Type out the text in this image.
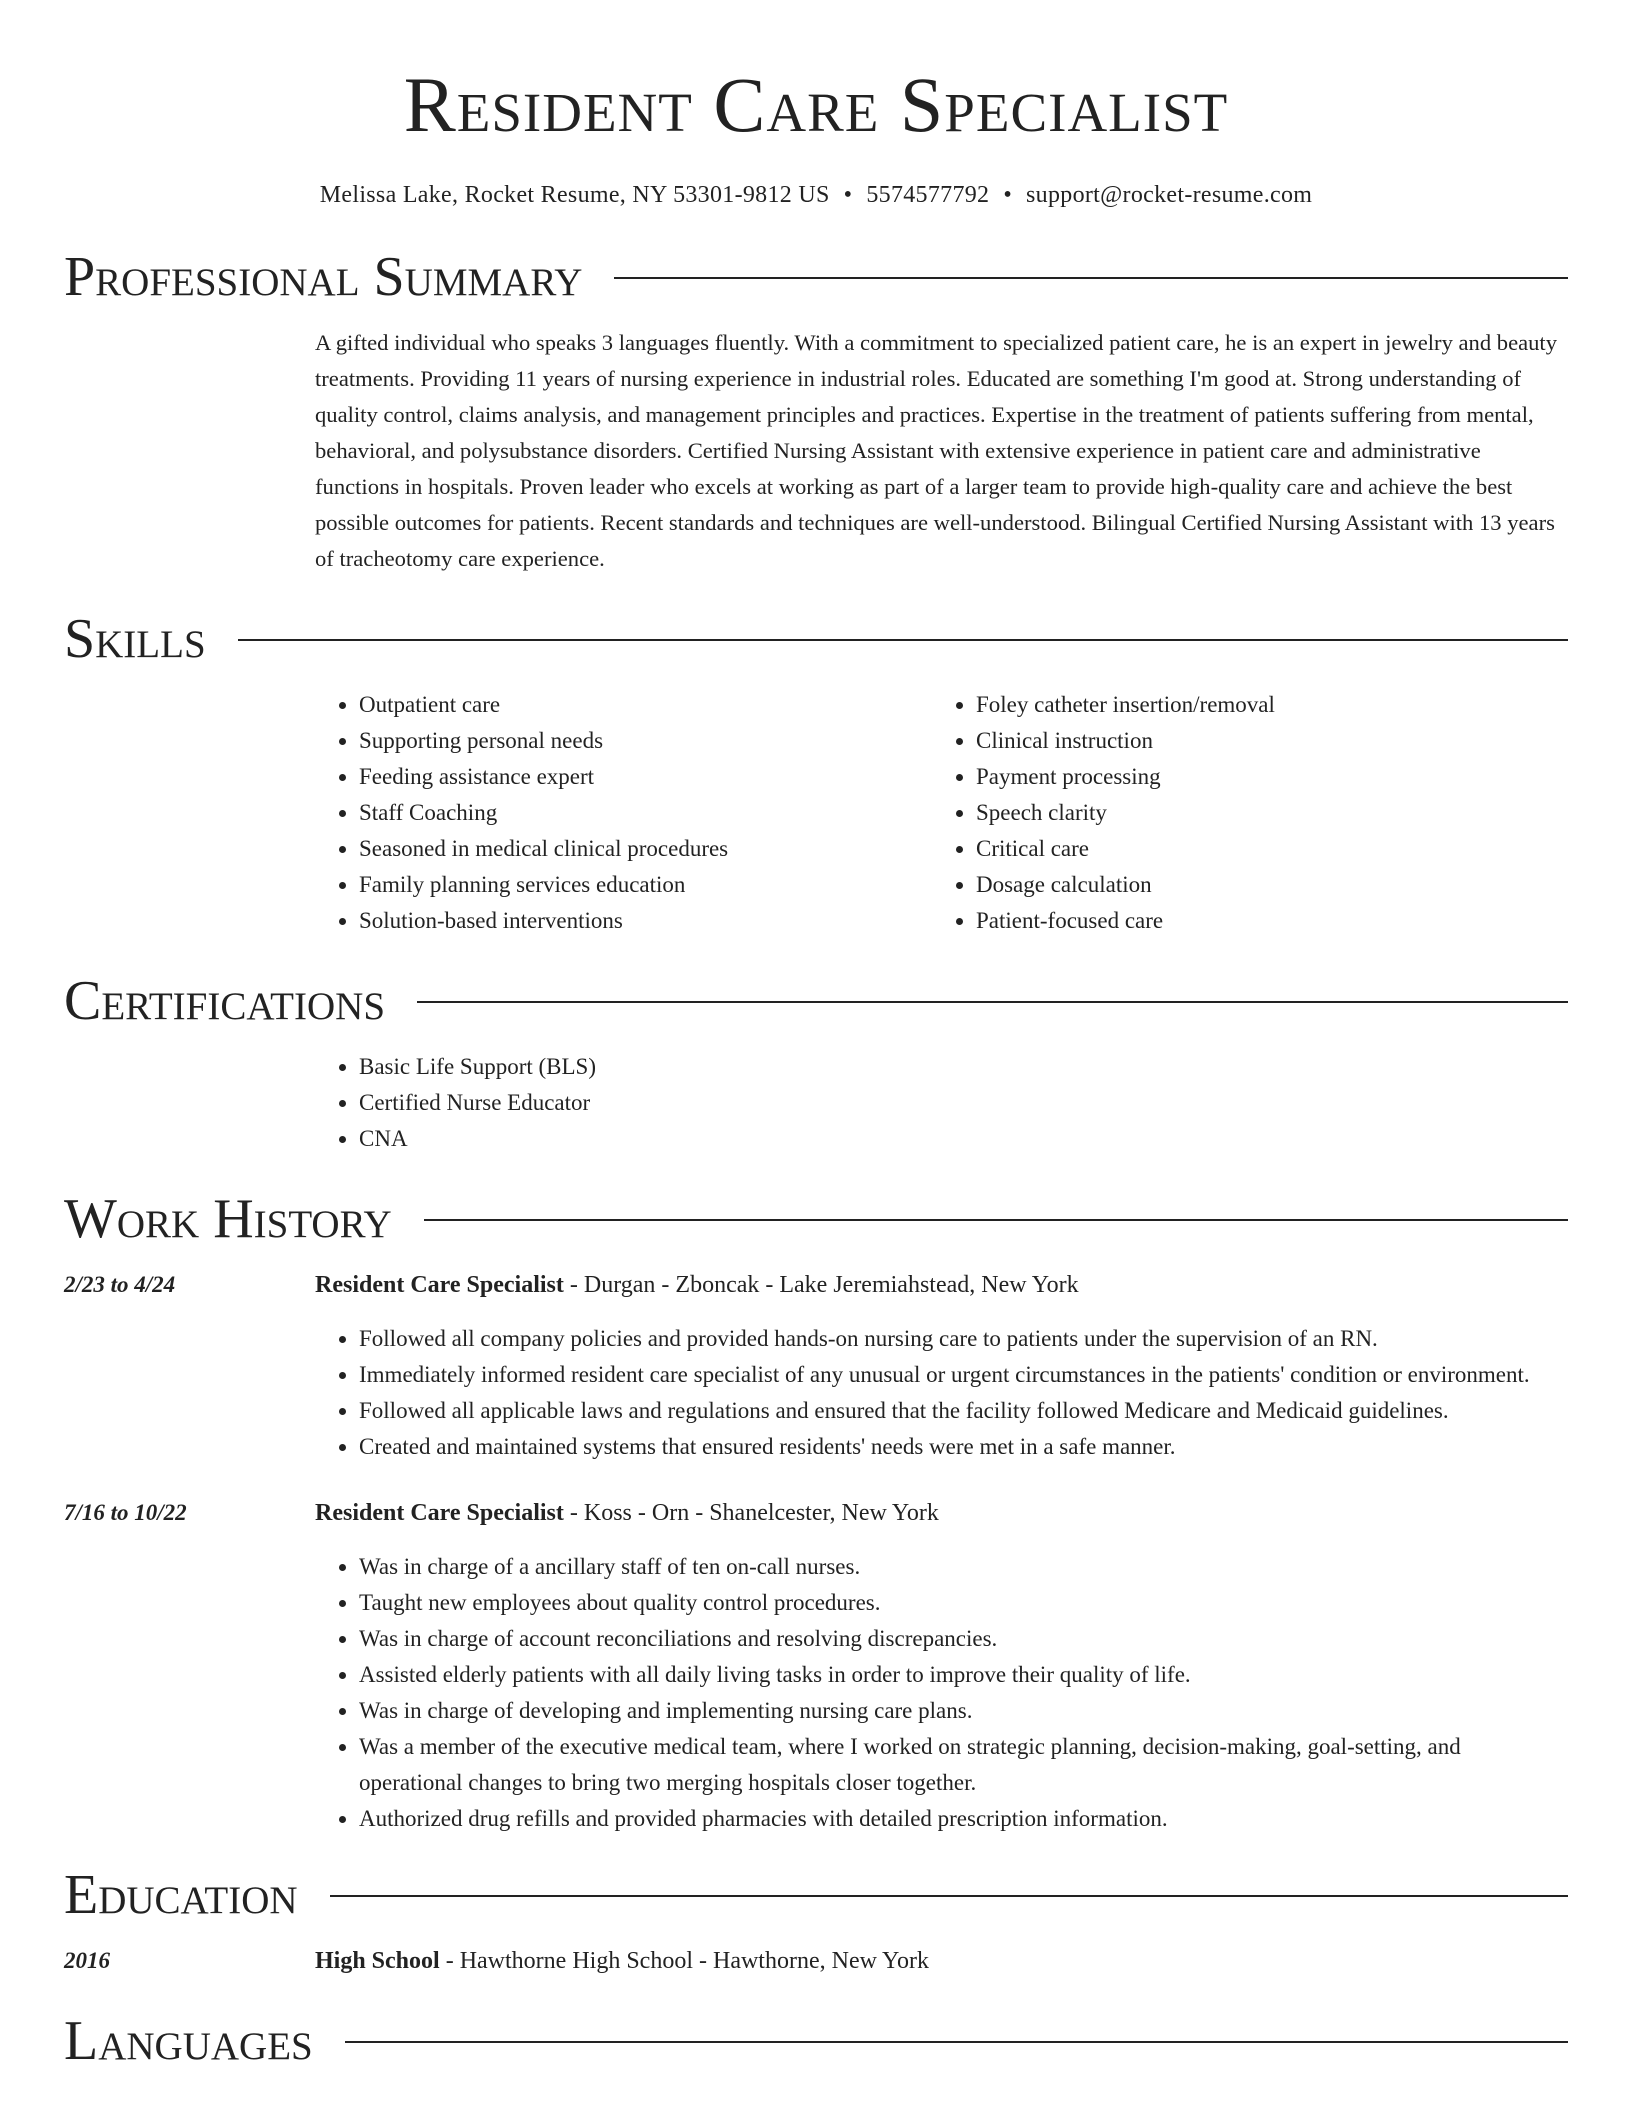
Resident Care Specialist
Melissa Lake, Rocket Resume, NY 53301-9812 US • 5574577792 • support@rocket-resume.com
Professional Summary
A gifted individual who speaks 3 languages fluently. With a commitment to specialized patient care, he is an expert in jewelry and beauty treatments. Providing 11 years of nursing experience in industrial roles. Educated are something I'm good at. Strong understanding of quality control, claims analysis, and management principles and practices. Expertise in the treatment of patients suffering from mental, behavioral, and polysubstance disorders. Certified Nursing Assistant with extensive experience in patient care and administrative functions in hospitals. Proven leader who excels at working as part of a larger team to provide high-quality care and achieve the best possible outcomes for patients. Recent standards and techniques are well-understood. Bilingual Certified Nursing Assistant with 13 years of tracheotomy care experience.
Skills
• Outpatient care
• Supporting personal needs
• Feeding assistance expert
• Staff Coaching
• Seasoned in medical clinical procedures
• Family planning services education
• Solution-based interventions
• Foley catheter insertion/removal
• Clinical instruction
• Payment processing
• Speech clarity
• Critical care
• Dosage calculation
• Patient-focused care
Certifications
• Basic Life Support (BLS)
• Certified Nurse Educator
• CNA
Work History
2/23 to 4/24	Resident Care Specialist - Durgan - Zboncak - Lake Jeremiahstead, New York
• Followed all company policies and provided hands-on nursing care to patients under the supervision of an RN.
• Immediately informed resident care specialist of any unusual or urgent circumstances in the patients' condition or environment.
• Followed all applicable laws and regulations and ensured that the facility followed Medicare and Medicaid guidelines.
• Created and maintained systems that ensured residents' needs were met in a safe manner.
7/16 to 10/22	Resident Care Specialist - Koss - Orn - Shanelcester, New York
• Was in charge of a ancillary staff of ten on-call nurses.
• Taught new employees about quality control procedures.
• Was in charge of account reconciliations and resolving discrepancies.
• Assisted elderly patients with all daily living tasks in order to improve their quality of life.
• Was in charge of developing and implementing nursing care plans.
• Was a member of the executive medical team, where I worked on strategic planning, decision-making, goal-setting, and operational changes to bring two merging hospitals closer together.
• Authorized drug refills and provided pharmacies with detailed prescription information.
Education
2016	High School - Hawthorne High School - Hawthorne, New York
Languages
